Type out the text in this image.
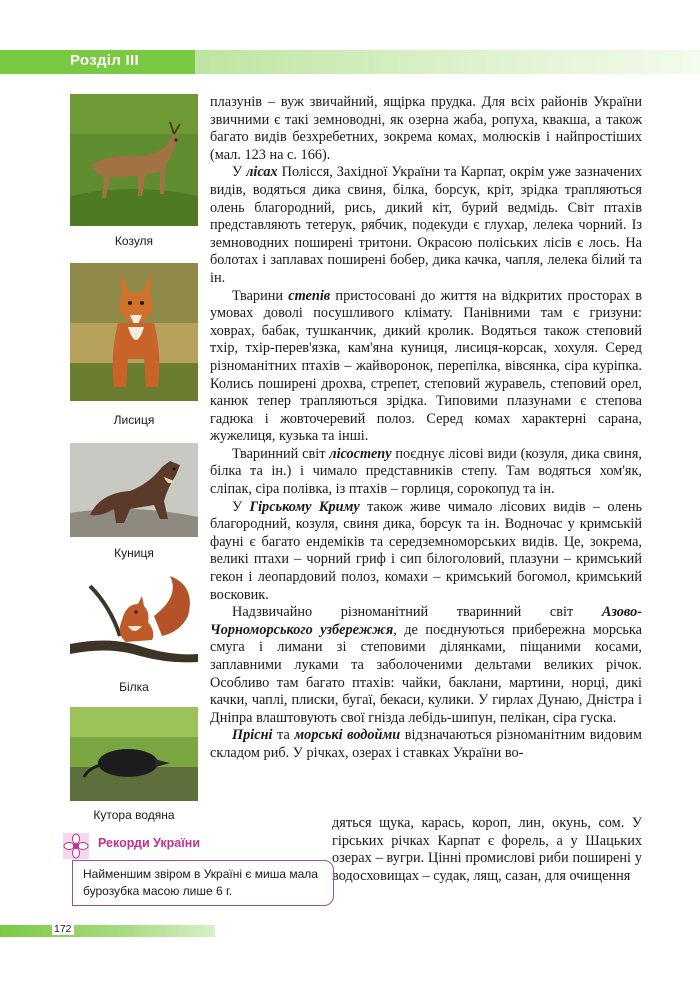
Розділ ІІІ
Козуля
Лисиця
Куниця
Білка
Кутора водяна

плазунів – вуж звичайний, ящірка прудка. Для всіх районів України звичними є такі земноводні, як озерна жаба, ропуха, квакша, а також багато видів безхребетних, зокрема комах, молюсків і найпростіших (мал. 123 на с. 166).

У лісах Полісся, Західної України та Карпат, окрім уже зазначених видів, водяться дика свиня, білка, борсук, кріт, зрідка трапляються олень благородний, рись, дикий кіт, бурий ведмідь. Світ птахів представляють тетерук, рябчик, подекуди є глухар, лелека чорний. Із земноводних поширені тритони. Окрасою поліських лісів є лось. На болотах і заплавах поширені бобер, дика качка, чапля, лелека білий та ін.

Тварини степів пристосовані до життя на відкритих просторах в умовах доволі посушливого клімату. Панівними там є гризуни: ховрах, бабак, тушканчик, дикий кролик. Водяться також степовий тхір, тхір-перев'язка, кам'яна куниця, лисиця-корсак, хохуля. Серед різноманітних птахів – жайворонок, перепілка, вівсянка, сіра куріпка. Колись поширені дрохва, стрепет, степовий журавель, степовий орел, канюк тепер трапляються зрідка. Типовими плазунами є степова гадюка і жовточеревий полоз. Серед комах характерні сарана, жужелиця, кузька та інші.

Тваринний світ лісостепу поєднує лісові види (козуля, дика свиня, білка та ін.) і чимало представників степу. Там водяться хом'як, сліпак, сіра полівка, із птахів – горлиця, сорокопуд та ін.

У Гірському Криму також живе чимало лісових видів – олень благородний, козуля, свиня дика, борсук та ін. Водночас у кримській фауні є багато ендеміків та середземноморських видів. Це, зокрема, великі птахи – чорний гриф і сип білоголовий, плазуни – кримський гекон і леопардовий полоз, комахи – кримський богомол, кримський восковик.

Надзвичайно різноманітний тваринний світ Азово-Чорноморського узбережжя, де поєднуються прибережна морська смуга і лимани зі степовими ділянками, піщаними косами, заплавними луками та заболоченими дельтами великих річок. Особливо там багато птахів: чайки, баклани, мартини, норці, дикі качки, чаплі, плиски, бугаї, бекаси, кулики. У гирлах Дунаю, Дністра і Дніпра влаштовують свої гнізда лебідь-шипун, пелікан, сіра гуска.

Прісні та морські водойми відзначаються різноманітним видовим складом риб. У річках, озерах і ставках України во-

дяться щука, карась, короп, лин, окунь, сом. У гірських річках Карпат є форель, а у Шацьких озерах – вугри. Цінні промислові риби поширені у водосховищах – судак, лящ, сазан, для очищення
Рекорди України
Найменшим звіром в Україні є миша мала бурозубка масою лише 6 г.
172
